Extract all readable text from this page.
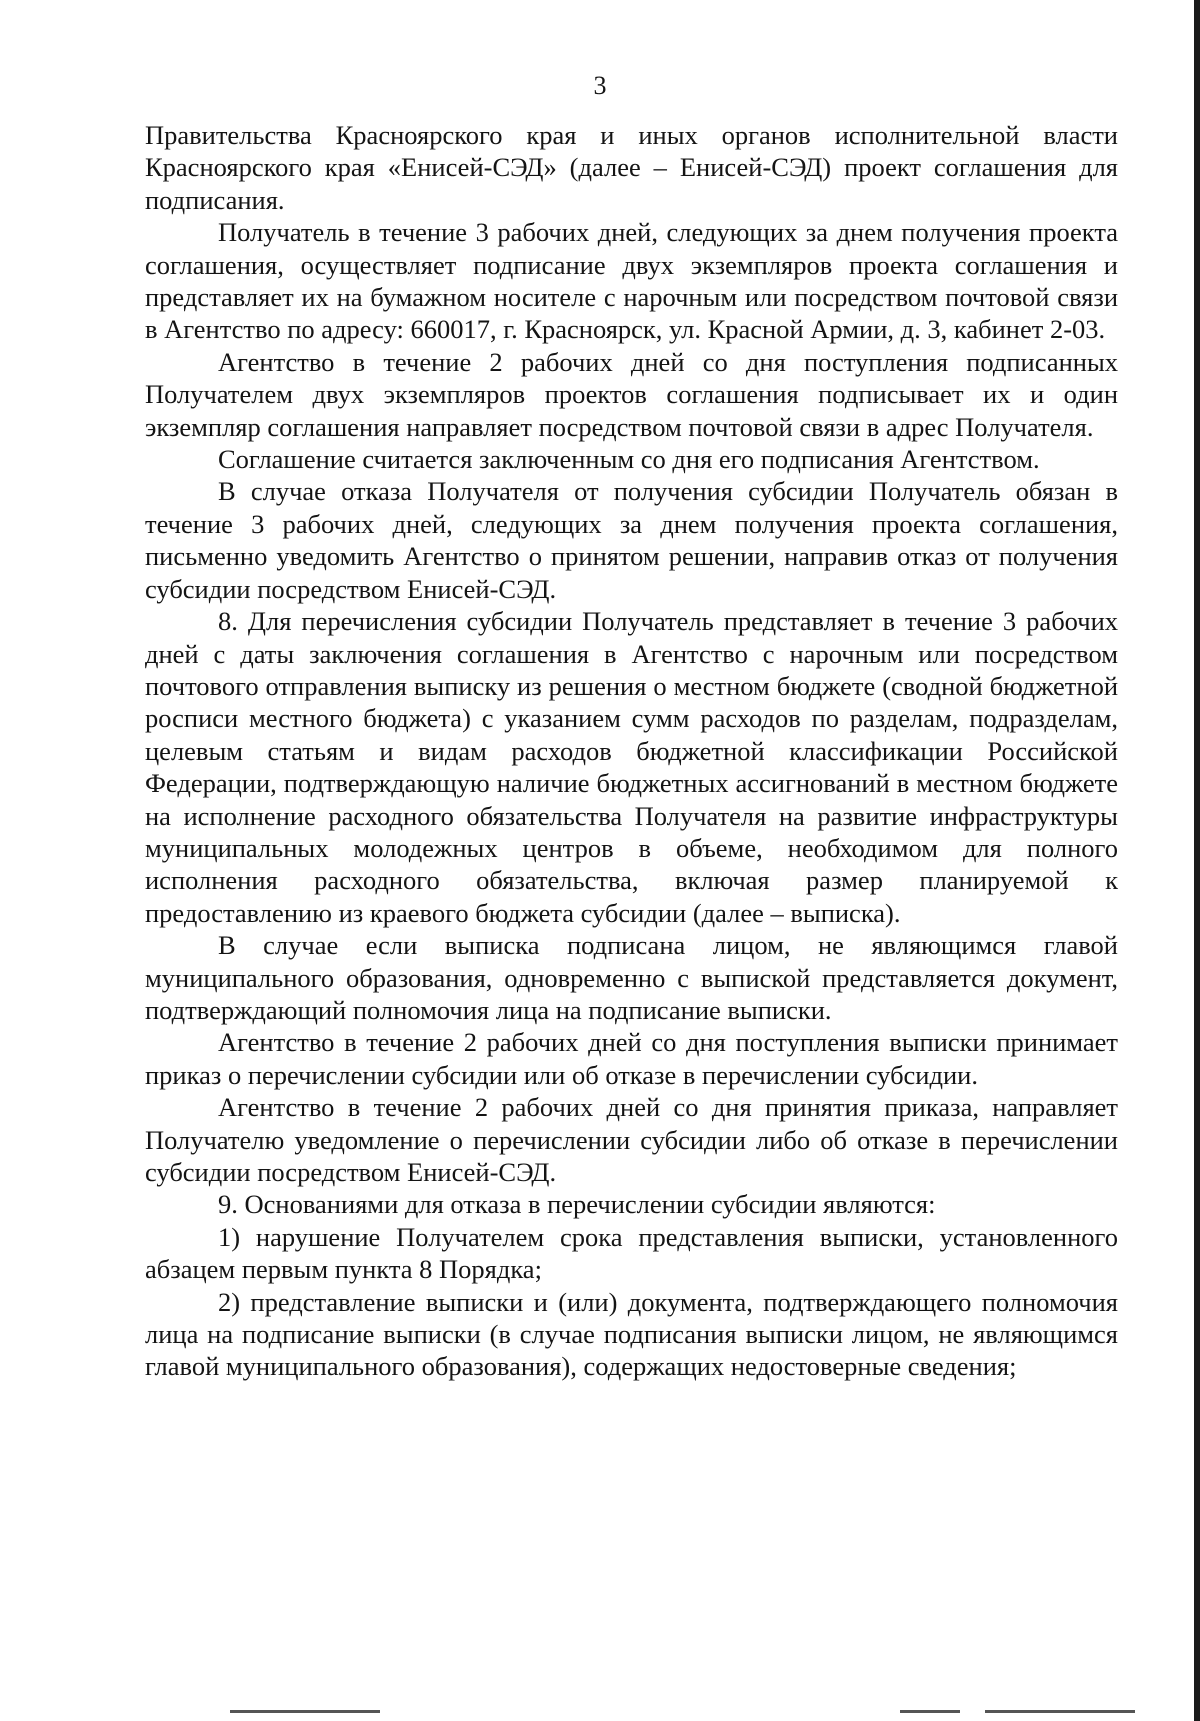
3

Правительства Красноярского края и иных органов исполнительной власти Красноярского края «Енисей-СЭД» (далее – Енисей-СЭД) проект соглашения для подписания.

Получатель в течение 3 рабочих дней, следующих за днем получения проекта соглашения, осуществляет подписание двух экземпляров проекта соглашения и представляет их на бумажном носителе с нарочным или посредством почтовой связи в Агентство по адресу: 660017, г. Красноярск, ул. Красной Армии, д. 3, кабинет 2-03.

Агентство в течение 2 рабочих дней со дня поступления подписанных Получателем двух экземпляров проектов соглашения подписывает их и один экземпляр соглашения направляет посредством почтовой связи в адрес Получателя.

Соглашение считается заключенным со дня его подписания Агентством.

В случае отказа Получателя от получения субсидии Получатель обязан в течение 3 рабочих дней, следующих за днем получения проекта соглашения, письменно уведомить Агентство о принятом решении, направив отказ от получения субсидии посредством Енисей-СЭД.

8. Для перечисления субсидии Получатель представляет в течение 3 рабочих дней с даты заключения соглашения в Агентство с нарочным или посредством почтового отправления выписку из решения о местном бюджете (сводной бюджетной росписи местного бюджета) с указанием сумм расходов по разделам, подразделам, целевым статьям и видам расходов бюджетной классификации Российской Федерации, подтверждающую наличие бюджетных ассигнований в местном бюджете на исполнение расходного обязательства Получателя на развитие инфраструктуры муниципальных молодежных центров в объеме, необходимом для полного исполнения расходного обязательства, включая размер планируемой к предоставлению из краевого бюджета субсидии (далее – выписка).

В случае если выписка подписана лицом, не являющимся главой муниципального образования, одновременно с выпиской представляется документ, подтверждающий полномочия лица на подписание выписки.

Агентство в течение 2 рабочих дней со дня поступления выписки принимает приказ о перечислении субсидии или об отказе в перечислении субсидии.

Агентство в течение 2 рабочих дней со дня принятия приказа, направляет Получателю уведомление о перечислении субсидии либо об отказе в перечислении субсидии посредством Енисей-СЭД.

9. Основаниями для отказа в перечислении субсидии являются:

1) нарушение Получателем срока представления выписки, установленного абзацем первым пункта 8 Порядка;

2) представление выписки и (или) документа, подтверждающего полномочия лица на подписание выписки (в случае подписания выписки лицом, не являющимся главой муниципального образования), содержащих недостоверные сведения;
